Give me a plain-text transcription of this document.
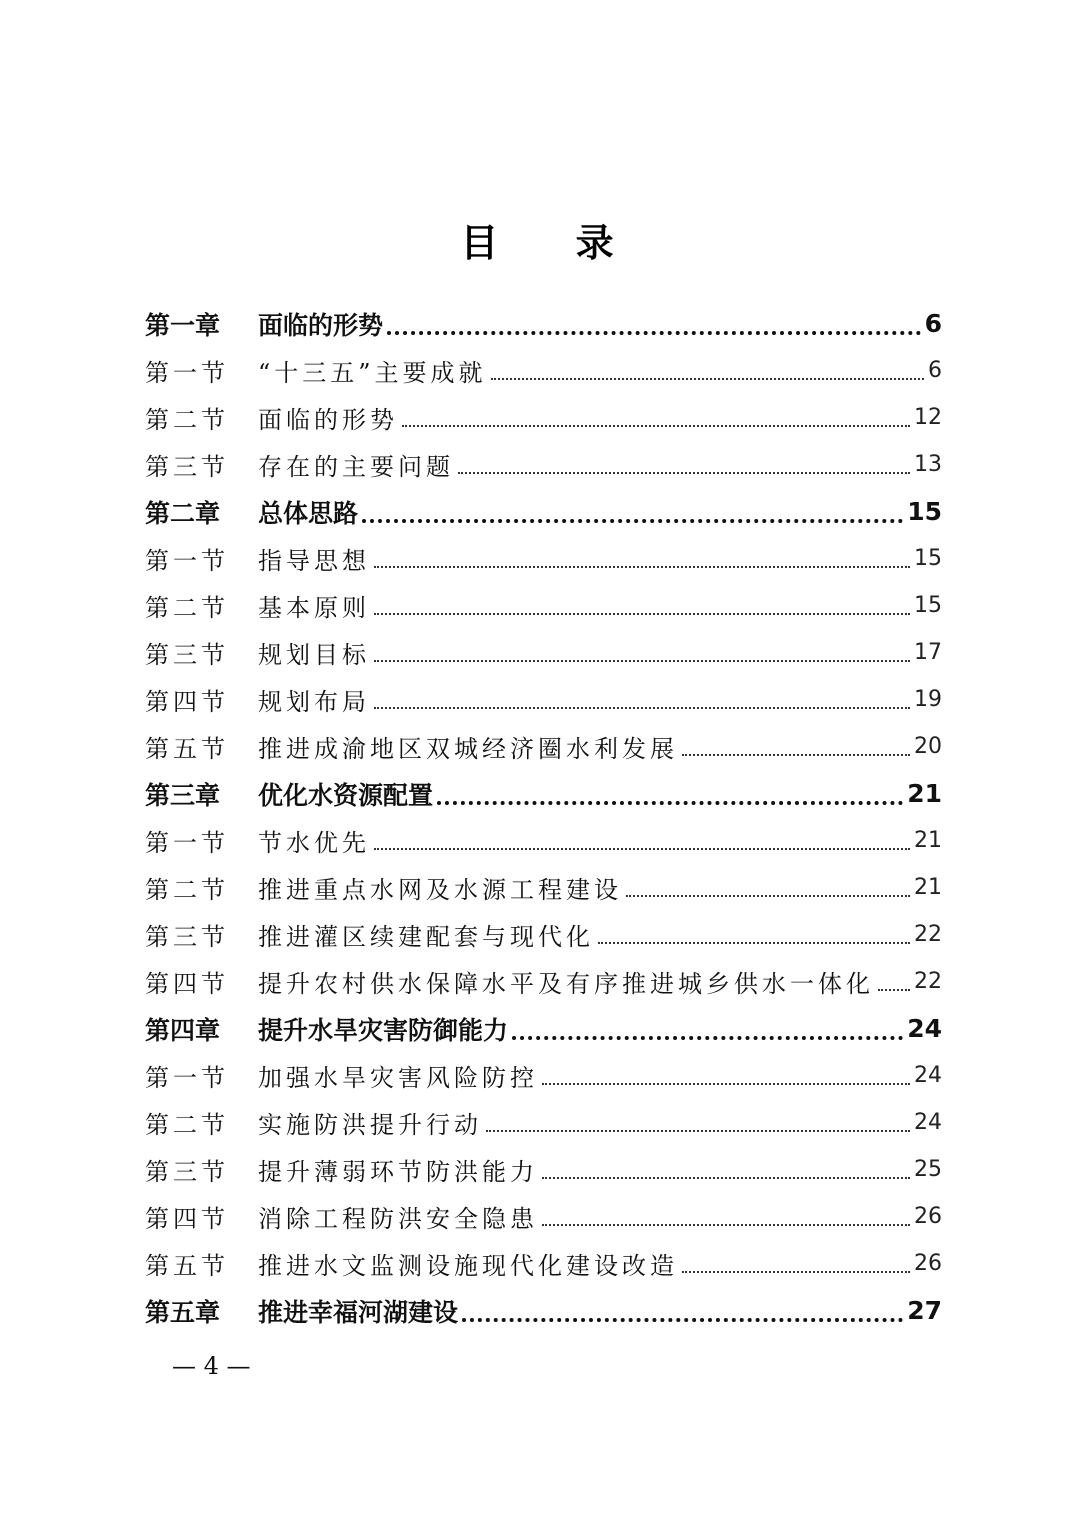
目 录
第一章	面临的形势	6
第一节	“十三五”主要成就	6
第二节	面临的形势	12
第三节	存在的主要问题	13
第二章	总体思路	15
第一节	指导思想	15
第二节	基本原则	15
第三节	规划目标	17
第四节	规划布局	19
第五节	推进成渝地区双城经济圈水利发展	20
第三章	优化水资源配置	21
第一节	节水优先	21
第二节	推进重点水网及水源工程建设	21
第三节	推进灌区续建配套与现代化	22
第四节	提升农村供水保障水平及有序推进城乡供水一体化 22
第四章	提升水旱灾害防御能力	24
第一节	加强水旱灾害风险防控	24
第二节	实施防洪提升行动	24
第三节	提升薄弱环节防洪能力	25
第四节	消除工程防洪安全隐患	26
第五节	推进水文监测设施现代化建设改造	26
第五章	推进幸福河湖建设	27
— 4 —
